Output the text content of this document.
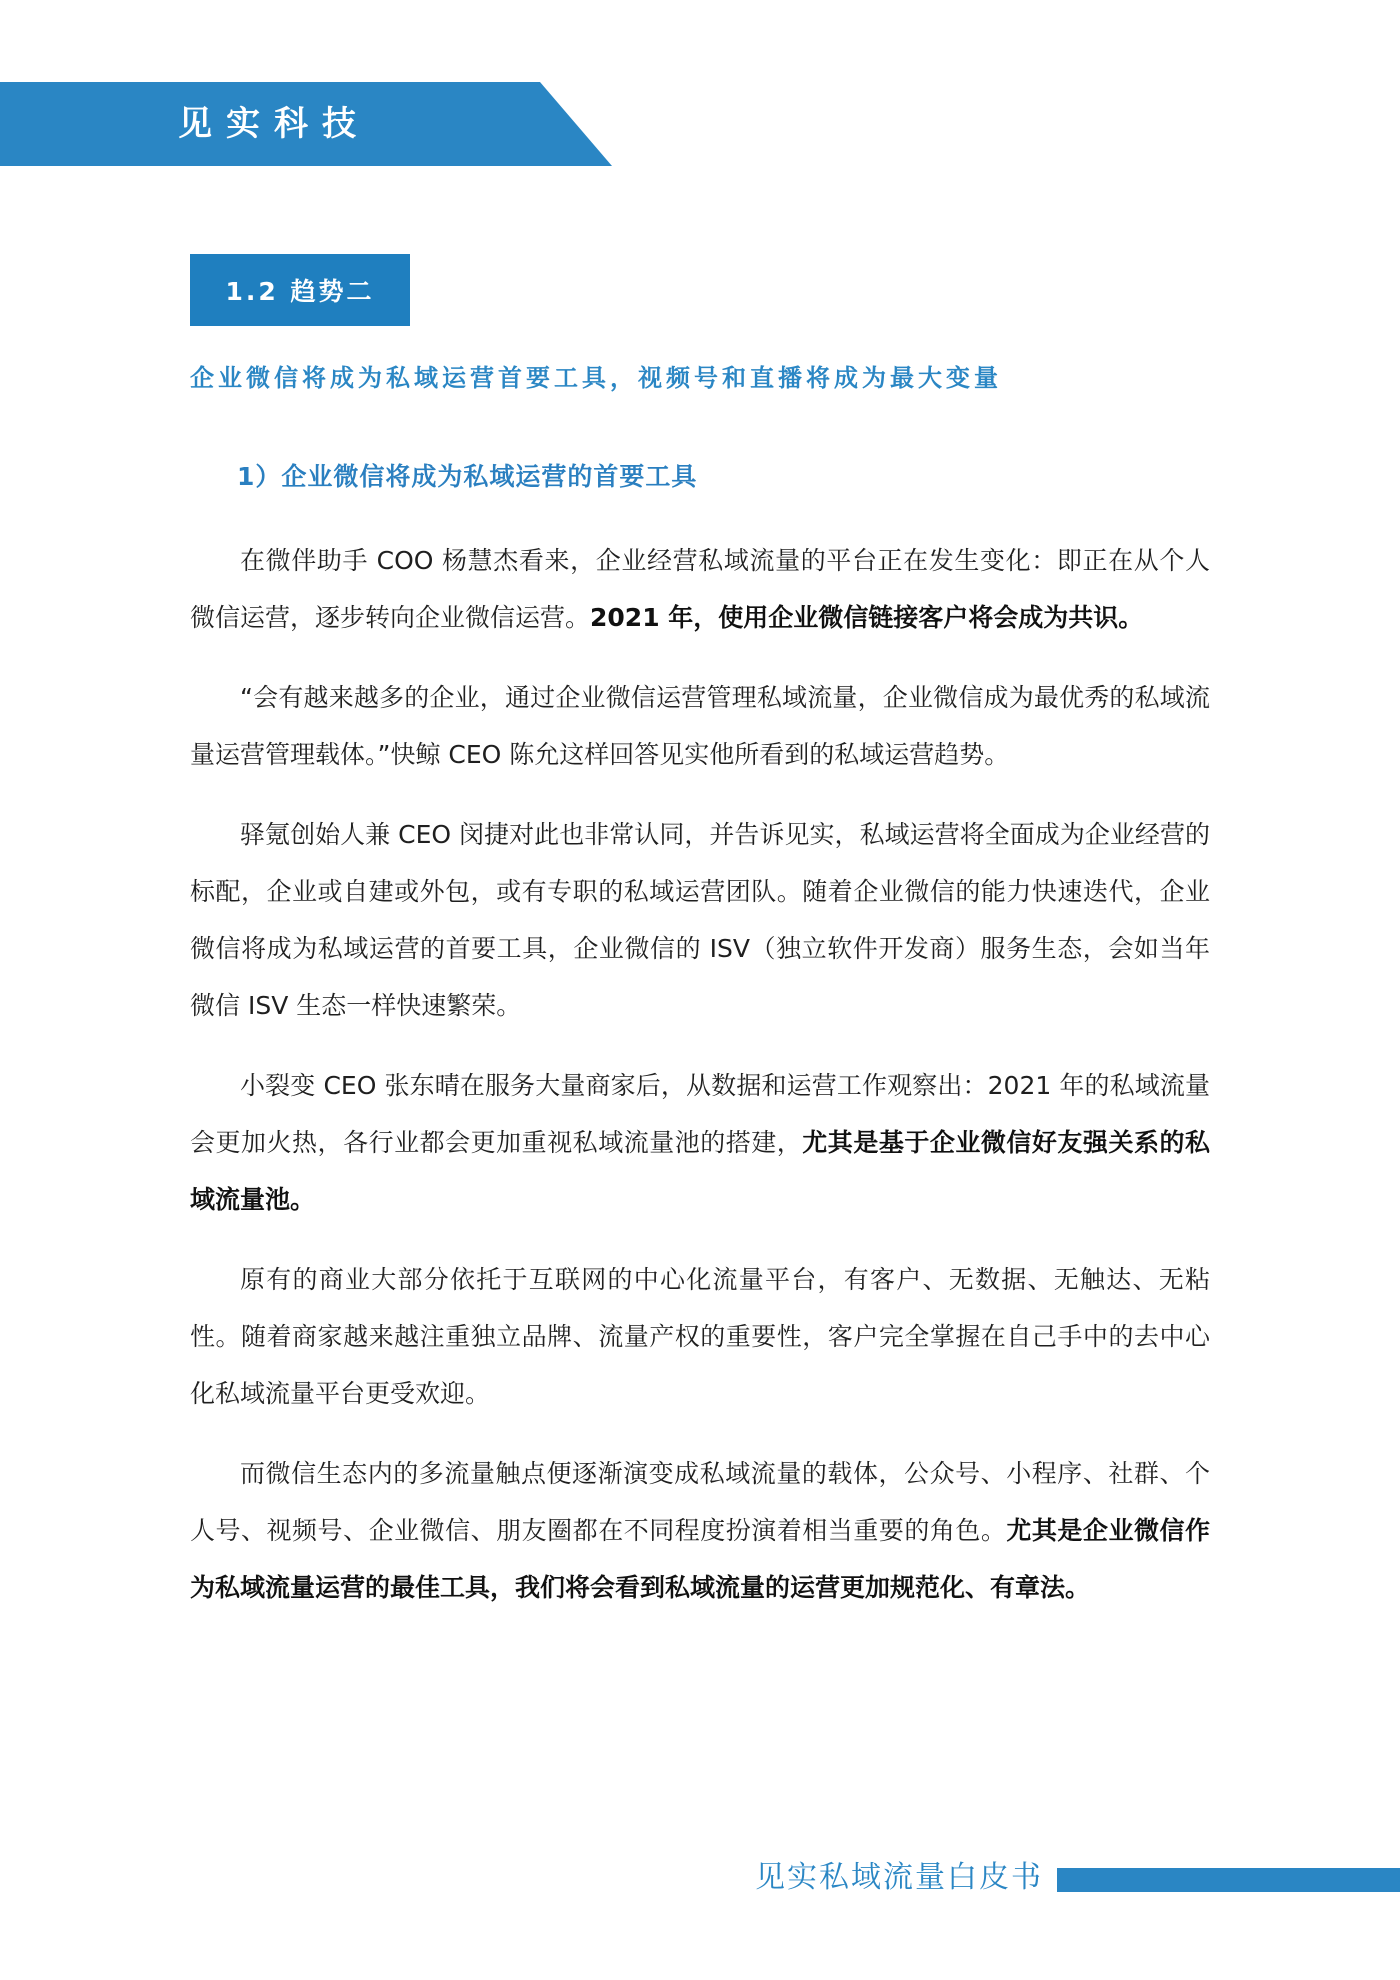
见实科技
1.2 趋势二
企业微信将成为私域运营首要工具，视频号和直播将成为最大变量
1）企业微信将成为私域运营的首要工具

在微伴助手 COO 杨慧杰看来，企业经营私域流量的平台正在发生变化：即正在从个人微信运营，逐步转向企业微信运营。2021 年，使用企业微信链接客户将会成为共识。

“会有越来越多的企业，通过企业微信运营管理私域流量，企业微信成为最优秀的私域流量运营管理载体。”快鲸 CEO 陈允这样回答见实他所看到的私域运营趋势。

驿氪创始人兼 CEO 闵捷对此也非常认同，并告诉见实，私域运营将全面成为企业经营的标配，企业或自建或外包，或有专职的私域运营团队。随着企业微信的能力快速迭代，企业微信将成为私域运营的首要工具，企业微信的 ISV（独立软件开发商）服务生态，会如当年微信 ISV 生态一样快速繁荣。

小裂变 CEO 张东晴在服务大量商家后，从数据和运营工作观察出：2021 年的私域流量会更加火热，各行业都会更加重视私域流量池的搭建，尤其是基于企业微信好友强关系的私域流量池。

原有的商业大部分依托于互联网的中心化流量平台，有客户、无数据、无触达、无粘性。随着商家越来越注重独立品牌、流量产权的重要性，客户完全掌握在自己手中的去中心化私域流量平台更受欢迎。

而微信生态内的多流量触点便逐渐演变成私域流量的载体，公众号、小程序、社群、个人号、视频号、企业微信、朋友圈都在不同程度扮演着相当重要的角色。尤其是企业微信作为私域流量运营的最佳工具，我们将会看到私域流量的运营更加规范化、有章法。

见实私域流量白皮书
